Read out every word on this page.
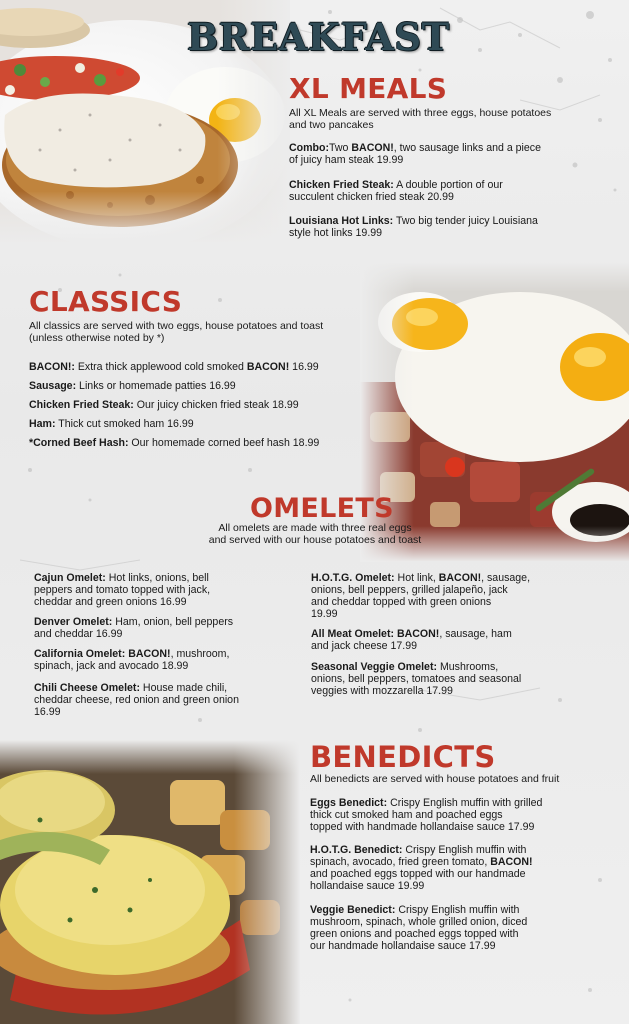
BREAKFAST
XL MEALS
All XL Meals are served with three eggs, house potatoes
and two pancakes
Combo:Two BACON!, two sausage links and a piece
of juicy ham steak 19.99
Chicken Fried Steak: A double portion of our
succulent chicken fried steak 20.99
Louisiana Hot Links: Two big tender juicy Louisiana
style hot links 19.99
CLASSICS
All classics are served with two eggs, house potatoes and toast
(unless otherwise noted by *)
BACON!: Extra thick applewood cold smoked BACON! 16.99
Sausage: Links or homemade patties 16.99
Chicken Fried Steak: Our juicy chicken fried steak 18.99
Ham: Thick cut smoked ham 16.99
*Corned Beef Hash: Our homemade corned beef hash 18.99
OMELETS
All omelets are made with three real eggs
and served with our house potatoes and toast
Cajun Omelet: Hot links, onions, bell
peppers and tomato topped with jack,
cheddar and green onions 16.99
Denver Omelet: Ham, onion, bell peppers
and cheddar 16.99
California Omelet: BACON!, mushroom,
spinach, jack and avocado 18.99
Chili Cheese Omelet: House made chili,
cheddar cheese, red onion and green onion
16.99
H.O.T.G. Omelet: Hot link, BACON!, sausage,
onions, bell peppers, grilled jalapeño, jack
and cheddar topped with green onions
19.99
All Meat Omelet: BACON!, sausage, ham
and jack cheese 17.99
Seasonal Veggie Omelet: Mushrooms,
onions, bell peppers, tomatoes and seasonal
veggies with mozzarella 17.99
BENEDICTS
All benedicts are served with house potatoes and fruit
Eggs Benedict: Crispy English muffin with grilled
thick cut smoked ham and poached eggs
topped with handmade hollandaise sauce 17.99
H.O.T.G. Benedict: Crispy English muffin with
spinach, avocado, fried green tomato, BACON!
and poached eggs topped with our handmade
hollandaise sauce 19.99
Veggie Benedict: Crispy English muffin with
mushroom, spinach, whole grilled onion, diced
green onions and poached eggs topped with
our handmade hollandaise sauce 17.99
